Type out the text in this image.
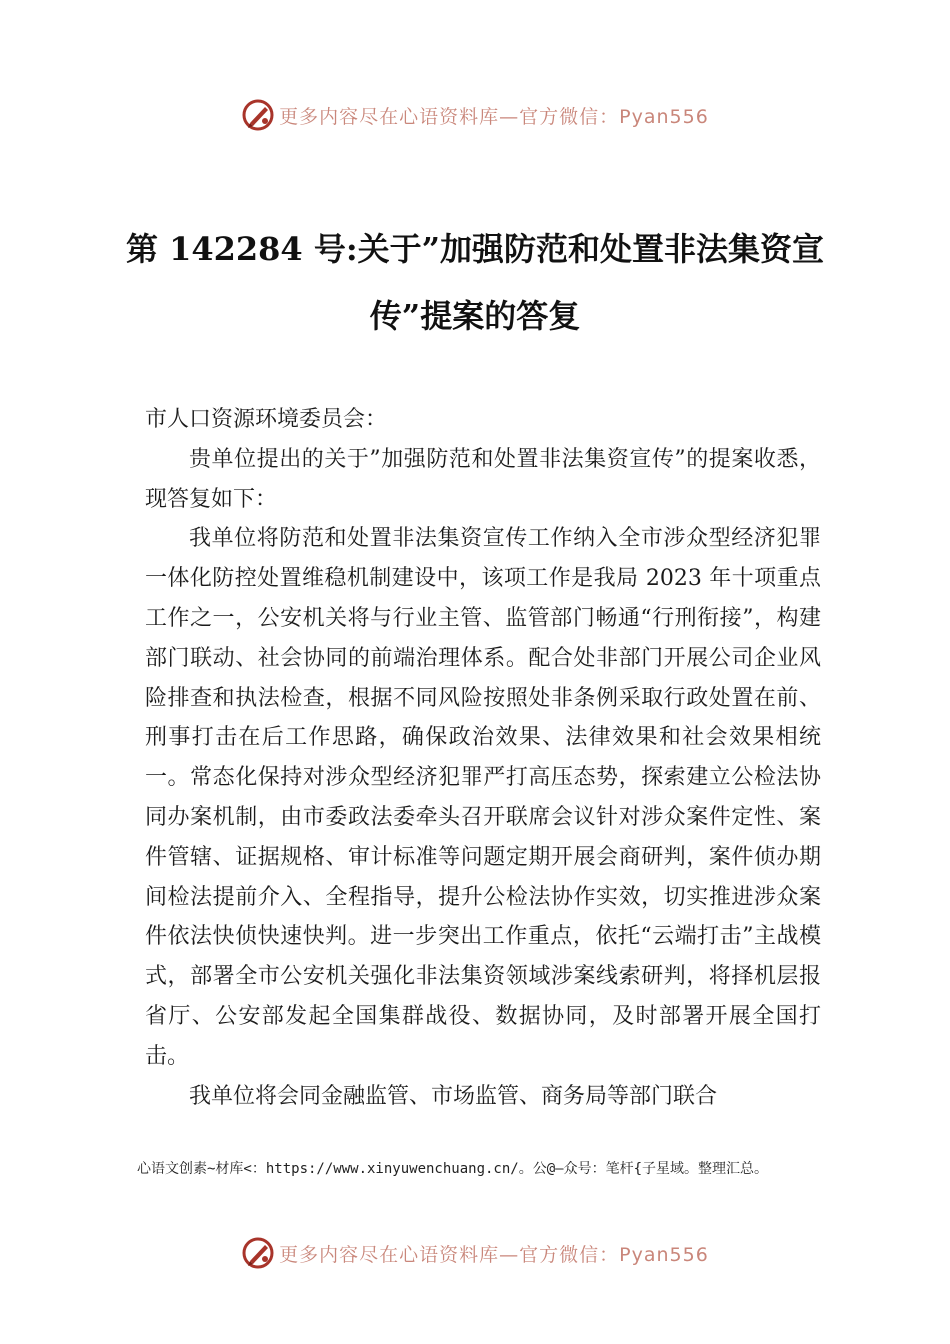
更多内容尽在心语资料库—官方微信：Pyan556
第 142284 号:关于”加强防范和处置非法集资宣传”提案的答复

市人口资源环境委员会：

贵单位提出的关于”加强防范和处置非法集资宣传”的提案收悉，现答复如下：

我单位将防范和处置非法集资宣传工作纳入全市涉众型经济犯罪一体化防控处置维稳机制建设中，该项工作是我局 2023 年十项重点工作之一，公安机关将与行业主管、监管部门畅通“行刑衔接”，构建部门联动、社会协同的前端治理体系。配合处非部门开展公司企业风险排查和执法检查，根据不同风险按照处非条例采取行政处置在前、刑事打击在后工作思路，确保政治效果、法律效果和社会效果相统一。常态化保持对涉众型经济犯罪严打高压态势，探索建立公检法协同办案机制，由市委政法委牵头召开联席会议针对涉众案件定性、案件管辖、证据规格、审计标准等问题定期开展会商研判，案件侦办期间检法提前介入、全程指导，提升公检法协作实效，切实推进涉众案件依法快侦快速快判。进一步突出工作重点，依托“云端打击”主战模式，部署全市公安机关强化非法集资领域涉案线索研判，将择机层报省厅、公安部发起全国集群战役、数据协同，及时部署开展全国打击。

我单位将会同金融监管、市场监管、商务局等部门联合

心语文创素~材库<：https://www.xinyuwenchuang.cn/。公@—众号：笔杆{子星域。整理汇总。
更多内容尽在心语资料库—官方微信：Pyan556
